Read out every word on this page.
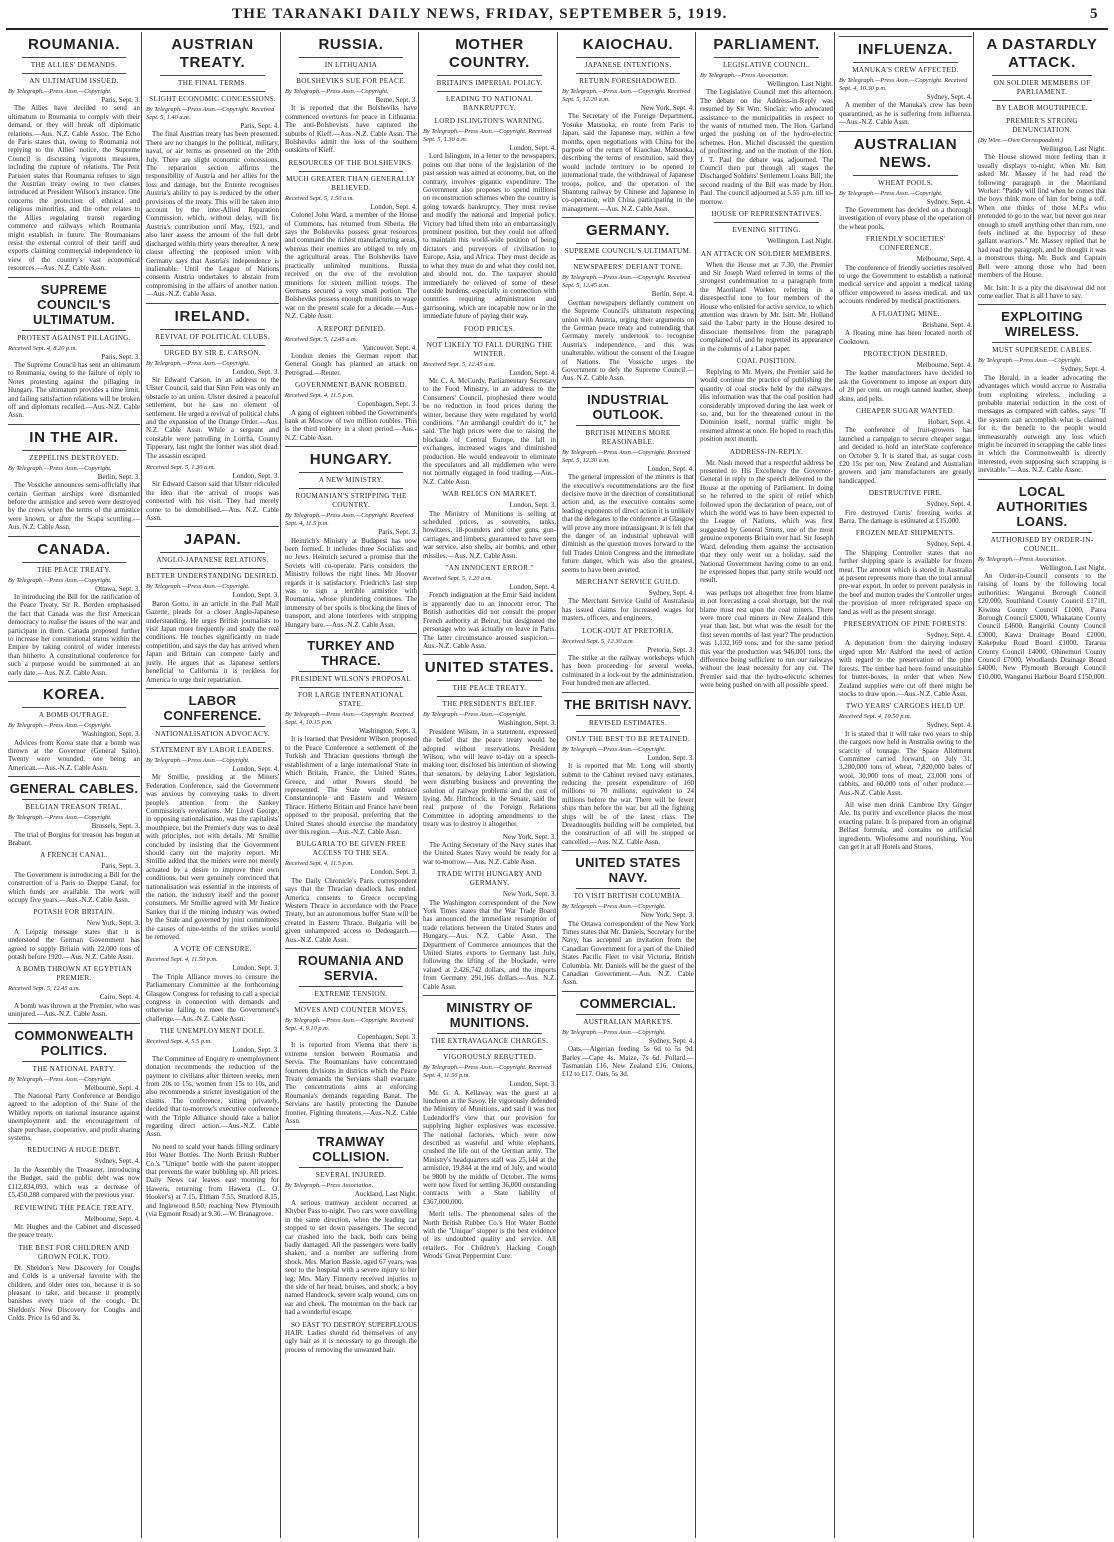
THE TARANAKI DAILY NEWS, FRIDAY, SEPTEMBER 5, 1919.	5
ROUMANIA.
THE ALLIES' DEMANDS.
AN ULTIMATUM ISSUED.
By Telegraph.—Press Assn.—Copyright.
Paris, Sept. 3.

The Allies have decided to send an ultimatum to Roumania to comply with their demand, or they will break off diplomatic relations.—Aus. N.Z. Cable Assoc. The Echo de Paris states that, owing to Roumania not replying to the Allies' notice, the Supreme Council is discussing vigorous measures, including the rupture of relations. The Petit Parisien states that Roumania refuses to sign the Austrian treaty owing to two clauses introduced at President Wilson's instance. One concerns the protection of ethnical and religious minorities, and the other relates to the Allies regulating transit regarding commerce and railways which Roumania might establish in future. The Roumanians resist the external control of their tariff and exports claiming commercial independence in view of the country's vast economical resources.—Aus. N.Z. Cable Assn.

SUPREME COUNCIL'S ULTIMATUM.
PROTEST AGAINST PILLAGING.
Received Sept. 4, 8.20 p.m.
Paris, Sept. 3.

The Supreme Council has sent an ultimatum to Roumania, owing to the failure of reply to Notes protesting against the pillaging in Hungary. The ultimatum provides a time limit, and failing satisfaction relations will be broken off and diplomats recalled.—Aus.-N.Z. Cable Assn.

IN THE AIR.
ZEPPELINS DESTROYED.
By Telegraph.—Press Assn.—Copyright.
Berlin, Sept. 3.

The Vossiche announces semi-officially that certain German airships were dismantled before the armistice and seven were destroyed by the crews when the terms of the armistice were known, or after the Scapa scuttling.—Aus. N.Z. Cable Assn.

CANADA.
THE PEACE TREATY.
By Telegraph.—Press Assn.—Copyright.
Ottawa, Sept. 3.

In introducing the Bill for the ratification of the Peace Treaty, Sir R. Borden emphasised the fact that Canada was the first American democracy to realise the issues of the war and participate in them. Canada proposed further to increase her constitutional status within the Empire by taking control of wider interests than hitherto. A constitutional conference for such a purpose would be summoned at an early date.—Aus. N.Z. Cable Assn.

KOREA.
A BOMB OUTRAGE.
By Telegraph.—Press Assn.—Copyright.
Washington, Sept. 3.

Advices from Korea state that a bomb was thrown at the Governor (General Saito). Twenty were wounded, one being an American.—Aus.-N.Z. Cable Assn.

GENERAL CABLES.
BELGIAN TREASON TRIAL.
By Telegraph.—Press Assn.—Copyright.
Brussels, Sept. 3.

The trial of Borgius for treason has begun at Brabant.

A FRENCH CANAL.
Paris, Sept. 3.

The Government is introducing a Bill for the construction of a Paris to Dieppe Canal, for which funds are available. The work will occupy five years.—Aus.-N.Z. Cable Assn.

POTASH FOR BRITAIN.
New York, Sept. 3.

A Leipzig message states that it is understood the German Government has agreed to supply Britain with 22,000 tons of potash before 1920.—Aus. N.Z. Cable Assn.

A BOMB THROWN AT EGYPTIAN PREMIER.
Received Sept. 5, 12.45 a.m.
Cairo, Sept. 4.

A bomb was thrown at the Premier, who was uninjured.—Aus.-N.Z. Cable Assn.

COMMONWEALTH POLITICS.
THE NATIONAL PARTY.
By Telegraph.—Press Assn.—Copyright.
Melbourne, Sept. 4.

The National Party Conference at Bendigo agreed to the adoption of the State of the Whitley reports on national insurance against unemployment and the encouragement of share purchase, cooperative, and profit sharing systems.

REDUCING A HUGE DEBT.
Sydney, Sept. 4.

In the Assembly the Treasurer, introducing the Budget, said the public debt was now £112,834,093, which was a decrease of £5,450,288 compared with the previous year.

REVIEWING THE PEACE TREATY.
Melbourne, Sept. 4.

Mr. Hughes and the Cabinet and discussed the peace treaty.

THE BEST FOR CHILDREN AND GROWN FOLK, TOO.

Dr. Sheldon's New Discovery for Coughs and Colds is a universal favorite with the children, and older ones too, because it is so pleasant to take, and because it promptly banishes every trace of the cough. Dr. Sheldon's New Discovery for Coughs and Colds. Price 1s 6d and 3s.

AUSTRIAN TREATY.
THE FINAL TERMS.
SLIGHT ECONOMIC CONCESSIONS.
By Telegraph.—Press Assn.—Copyright. Received Sept. 5, 1.40 a.m.
Paris, Sept. 4.

The final Austrian treaty has been presented. There are no changes in the political, military, naval, or air terms as presented on the 20th July. There are slight economic concessions. The reparation section affirms the responsibility of Austria and her allies for the loss and damage, but the Entente recognises Austria's ability to pay is reduced by the other provisions of the treaty. This will be taken into account by the inter-Allied Reparation Commission, which, without delay, will fix Austria's contribution until May, 1921, and also later assess the amount of the full debt discharged within thirty years thereafter. A new clause affecting the proposed union with Germany says that Austria's independence is inalienable. Until the League of Nations consents Austria undertakes to abstain from compromising in the affairs of another nation.—Aus.-N.Z. Cable Assn.

IRELAND.
REVIVAL OF POLITICAL CLUBS.
URGED BY SIR E. CARSON.
By Telegraph.—Press Assn.—Copyright.
London, Sept. 3.

Sir Edward Carson, in an address to the Ulster Council, said that Sinn Fein was only an obstacle to an union. Ulster desired a peaceful settlement, but he saw no element of settlement. He urged a revival of political clubs and the expansion of the Orange Order.—Aus. N.Z. Cable Assn. While a sergeant and constable were patrolling in Lorrha, County Tipperary, last night the former was shot dead. The assassin escaped.

Received Sept. 5, 1.30 a.m.
London, Sept. 3.

Sir Edward Carson said that Ulster ridiculed the idea that the arrival of troops was connected with his visit. They had merely come to be demobilised.—Aus. N.Z. Cable Assn.

JAPAN.
ANGLO-JAPANESE RELATIONS.
BETTER UNDERSTANDING DESIRED.
By Telegraph.—Press Assn.—Copyright.
London, Sept. 3.

Baron Gotto, in an article in the Pall Mall Gazette, pleads for a closer Anglo-Japanese understanding. He urges British journalists to visit Japan more frequently and study the real conditions. He touches significantly on trade competition, and says the day has arrived when Japan and Britain can compete fairly and justly. He argues that as Japanese settlers beneficial to California it is reckless for America to urge their repatriation.

LABOR CONFERENCE.
NATIONALISATION ADVOCACY.
STATEMENT BY LABOR LEADERS.
By Telegraph.—Press Assn.—Copyright.
London, Sept. 4.

Mr Smillie, presiding at the Miners' Federation Conference, said the Government was anxious by conveying tasks to divert people's attention from the Sankey Commission's revelations. Mr Lloyd George, in opposing nationalisation, was the capitalists' mouthpiece, but the Premier's duty was to deal with principles, not with details. Mr Smillie concluded by insisting that the Government should carry out the majority report. Mr Smillie added that the miners were not merely actuated by a desire to improve their own conditions, but were genuinely convinced that nationalisation was essential in the interests of the nation, the industry itself and the poorer consumers. Mr Smillie agreed with Mr Justice Sankey that if the mining industry was owned by the State and governed by joint committees the causes of nine-tenths of the strikes would be removed.

A VOTE OF CENSURE.
Received Sept. 4, 11.50 p.m.
London, Sept. 3.

The Triple Alliance moves to censure the Parliamentary Committee at the forthcoming Glasgow Congress for refusing to call a special congress in connection with demands and otherwise failing to meet the Government's challenge.—Aus.-N.Z. Cable Assn.

THE UNEMPLOYMENT DOLE.
Received Sept. 4, 5.5 p.m.
London, Sept. 3.

The Committee of Enquiry re unemployment donation recommends the reduction of the payment to civilians after thirteen weeks, men from 20s to 15s, women from 15s to 10s, and also recommends a stricter investigation of the claims. The conference, sitting privately, decided that to-morrow's executive conference with the Triple Alliance should take a ballot regarding direct action.—Aus.-N.Z. Cable Assn.

No need to scald your hands filling ordinary Hot Water Bottles. The North British Rubber Co.'s "Unique" bottle with the patent stopper that prevents the water bubbling up. All prices. Daily News car leaves east morning for Hawera, returning from Hawera (L. O. Hooker's) at 7.15, Eltham 7.55, Stratford 8.15, and Inglewood 8.50, reaching New Plymouth (via Egmont Road) at 9.30.—W. Branagrove.

RUSSIA.
IN LITHUANIA
BOLSHEVIKS SUE FOR PEACE.
By Telegraph.—Press Assn.—Copyright.
Berne, Sept. 3.

It is reported that the Bolsheviks have commenced overtures for peace in Lithuania. The anti-Bolshevists have captured the suburbs of Kieff.—Aus.-N.Z. Cable Assn. The Bolsheviks admit the loss of the southern outskirts of Kieff.

RESOURCES OF THE BOLSHEVIKS.
MUCH GREATER THAN GENERALLY BELIEVED.
Received Sept. 5, 1.50 a.m.
London, Sept. 4.

Colonel John Ward, a member of the House of Commons, has returned from Siberia. He says the Bolsheviks possess great resources and command the richest manufacturing areas, whereas their enemies are obliged to rely on the agricultural areas. The Bolsheviks have practically unlimited munitions. Russia received on the eve of the revolution munitions for sixteen million troops. The Germans secured a very small portion. The Bolsheviks possess enough munitions to wage war on the present scale for a decade.—Aus.-N.Z. Cable Assn.

A REPORT DENIED.
Received Sept. 5, 12.45 a.m.
Vancouver, Sept. 4.

London denies the German report that General Gough has planned an attack on Petrograd.—Reuter.

GOVERNMENT BANK ROBBED.
Received Sept. 4, 11.5 p.m.
Copenhagen, Sept. 3.

A gang of eighteen robbed the Government's bank at Moscow of two million roubles. This is the third robbery in a short period.—Aus.-N.Z. Cable Assn.

HUNGARY.
A NEW MINISTRY.
ROUMANIAN'S STRIPPING THE COUNTRY.
By Telegraph.—Press Assn.—Copyright. Received Sept. 4, 11.5 p.m.
Paris, Sept. 3.

Heinrich's Ministry at Budapest has now been formed. It includes three Socialists and no Jews. Heinrich secured a promise that the Soviets will co-operate. Paris considers the Ministry follows the right lines. Mr Hoover regards it is satisfactory. Friedrich's last step was to sign a terrible armistice with Roumania, whose plundering continues. The immensity of her spoils is blocking the lines of transport, and alone interferes with stripping Hungary bare.—Aus.-N.Z. Cable Assn.

TURKEY AND THRACE.
PRESIDENT WILSON'S PROPOSAL
FOR LARGE INTERNATIONAL STATE.
By Telegraph.—Press Assn.—Copyright. Received Sept. 4, 10.15 p.m.
Washington, Sept. 3.

It is learned that President Wilson proposed to the Peace Conference a settlement of the Turkish and Thracian questions through the establishment of a large international State in which Britain, France, the United States, Greece, and other Powers should be represented. The State would embrace Constantinople and Eastern and Western Thrace. Hitherto Britain and France have been opposed to the proposal, preferring that the United States should exercise the mandatory over this region.—Aus.-N.Z. Cable Assn.

BULGARIA TO BE GIVEN FREE ACCESS TO THE SEA.
Received Sept. 4, 11.5 p.m.
London, Sept. 3.

The Daily Chronicle's Paris correspondent says that the Thracian deadlock has ended. America consents to Greece occupying Western Thrace in accordance with the Peace Treaty, but an autonomous buffer State will be created in Eastern Thrace. Bulgaria will be given unhampered access to Dedeagatch.—Aus.-N.Z. Cable Assn.

ROUMANIA AND SERVIA.
EXTREME TENSION.
MOVES AND COUNTER MOVES.
By Telegraph.—Press Assn.—Copyright. Received Sept. 4, 9.10 p.m.
Copenhagen, Sept. 3.

It is reported from Vienna that there is extreme tension between Roumania and Servia. The Roumanians have concentrated fourteen divisions in districts which the Peace Treaty demands the Servians shall evacuate. The concentrations aims at enforcing Roumania's demands regarding Banat. The Servians are hastily protecting the Danube frontier. Fighting threatens.—Aus.-N.Z. Cable Assn.

TRAMWAY COLLISION.
SEVERAL INJURED.
By Telegraph.—Press Association.
Auckland, Last Night.

A serious tramway accident occurred at Khyber Pass to-night. Two cars were travelling in the same direction, when the leading car stopped to set down passengers. The second car crashed into the back, both cars being badly damaged. All the passengers were badly shaken, and a number are suffering from shock. Mrs. Marion Bassie, aged 67 years, was sent to the hospital with a severe injury to her leg; Mrs. Mary Finnerty received injuries to the side of her head, bruises, and shock; a boy named Handcock, severe scalp wound, cuts on ear and cheek. The motorman on the back car had a wonderful escape.

SO EAST TO DESTROY SUPERFLUOUS HAIR. Ladies should rid themselves of any ugly hair as it is necessary to go through the process of removing the unwanted hair.

MOTHER COUNTRY.
BRITAIN'S IMPERIAL POLICY.
LEADING TO NATIONAL BANKRUPTCY.
LORD ISLINGTON'S WARNING.
By Telegraph.—Press Assn.—Copyright. Received Sept. 5, 1.30 a.m.
London, Sept. 4.

Lord Islington, in a letter to the newspapers, points out that none of the legislation of the past session was aimed at economy, but, on the contrary, involves gigantic expenditure. The Government also proposes to spend millions on reconstruction schemes when the country is going towards bankruptcy. They must revise and modify the national and Imperial policy. Victory had lifted them into an embarrassingly prominent position, but they could not afford to maintain this world-wide position of being dictators and purveyors of civilisation to Europe, Asia, and Africa. They must decide as to what they must do and what they could not, and should not, do. The taxpayer should immediately be relieved of some of these outside burdens, especially in connection with countries requiring administration and garrisoning, which are incapable now or in the immediate future of paying their way.

FOOD PRICES.
NOT LIKELY TO FALL DURING THE WINTER.
Received Sept. 5, 12.45 a.m.
London, Sept. 4.

Mr. C. A. McCurdy, Parliamentary Secretary to the Food Ministry, in an address to the Consumers' Council, prophesied there would be no reduction in food prices during the winter, because they were regulated by world conditions. "An armhangil couldn't do it," he said. The high prices were due to raising the blockade of Central Europe, the fall in exchanges, increased wages and diminished production. He would endeavour to eliminate the speculators and all middlemen who were not normally engaged in food trading.—Aus.-N.Z. Cable Assn.

WAR RELICS ON MARKET.
London, Sept. 3.

The Ministry of Munitions is selling at scheduled prices, as souvenirs, tanks, howitzers, 18-pounders and other guns, gun-carriages, and limbers, guaranteed to have seen war service, also shells, air bombs, and other missiles.—Aus. N.Z. Cable Assn.

"AN INNOCENT ERROR."
Received Sept. 5, 1.20 a.m.
London, Sept. 4.

French indignation at the Emir Said incident is apparently due to an innocent error. The British authorities did not consult the proper French authority at Beirut, but designated the personage who was actually on leave in Paris. The latter circumstance aroused suspicion.—Aus.-N.Z. Cable Assn.

UNITED STATES.
THE PEACE TREATY.
THE PRESIDENT'S BELIEF.
By Telegraph.—Press Assn.—Copyright.
Washington, Sept. 3.

President Wilson, in a statement, expressed the belief that the peace treaty would be adopted without reservations. President Wilson, who will leave to-day on a speech-making tour, disclosed his intention of showing that senators, by delaying Labor legislation, were disturbing business and preventing the solution of railway problems and the cost of living. Mr. Hitchcock, in the Senate, said the real purpose of the Foreign Relations Committee in adopting amendments to the treaty was to destroy it altogether.

New York, Sept. 3.

The Acting Secretary of the Navy states that the United States Navy would be ready for a war to-morrow.—Aus. N.Z. Cable Assn.

TRADE WITH HUNGARY AND GERMANY.
New York, Sept. 3.

The Washington correspondent of the New York Times states that the War Trade Board has announced the immediate resumption of trade relations between the United States and Hungary.—Aus. N.Z. Cable Assn. The Department of Commerce announces that the United States exports to Germany last July, following the lifting of the blockade, were valued at 2,426,742 dollars, and the imports from Germany 291,166 dollars.—Aus. N.Z. Cable Assn.

MINISTRY OF MUNITIONS.
THE EXTRAVAGANCE CHARGES.
VIGOROUSLY REBUTTED.
By Telegraph.—Press Assn.—Copyright. Received Sept. 4, 11.50 p.m.
London, Sept. 3.

Mr. G. A. Kellaway was the guest at a luncheon at the Savoy. He vigorously defended the Ministry of Munitions, and said it was not Ludendorff's view that our provision for supplying higher explosives was excessive. The national factories, which were now described as wasteful and white elephants, crushed the life out of the German army. The Ministry's headquarters staff was 25,144 at the armistice, 19,844 at the end of July, and would be 9800 by the middle of October. The terms were now fixed for settling 36,000 outstanding contracts with a State liability of £367,000,000.

Merit tells. The phenomenal sales of the North British Rubber Co.'s Hot Water Bottle with the "Unique" stopper is the best evidence of its undoubted quality and service. All retailers. For Children's Hacking Cough Woods' Great Peppermint Cure.

KAIOCHAU.
JAPANESE INTENTIONS.
RETURN FORESHADOWED.
By Telegraph.—Press Assn.—Copyright. Received Sept. 5, 12.20 a.m.
New York, Sept. 4.

The Secretary of the Foreign Department, Yosuke Matsuoka, en route from Paris to Japan, said the Japanese may, within a few months, open negotiations with China for the purpose of the return of Kiaochau. Matsuoka, describing the terms of restitution, said they would include territory to be opened to international trade, the withdrawal of Japanese troops, police, and the operation of the Shantung railway by Chinese and Japanese in co-operation, with China participating in the management.—Aus. N.Z. Cable Assn.

GERMANY.
SUPREME COUNCIL'S ULTIMATUM.
NEWSPAPERS' DEFIANT TONE.
By Telegraph.—Press Assn.—Copyright. Received Sept. 5, 12.45 a.m.
Berlin, Sept. 4.

German newspapers defiantly comment on the Supreme Council's ultimatum respecting union with Austria, urging their arguments on the German peace treaty and contending that Germany merely undertook to recognise Austria's independence, and this was unalterable, without the consent of the League of Nations. The Vossiche urges the Government to defy the Supreme Council.—Aus. N.Z. Cable Assn.

INDUSTRIAL OUTLOOK.
BRITISH MINERS MORE REASONABLE.
By Telegraph.—Press Assn.—Copyright. Received Sept. 5, 12.30 a.m.
London, Sept. 4.

The general impression of the miners is that the executive's recommendations are the first decisive move in the direction of constitutional action and, as the executive contains some leading exponents of direct action it is unlikely that the delegates to the conference at Glasgow will prove any more intransigeant. It is felt that the danger of an industrial upheaval will diminish as the question moves forward to the full Trades Union Congress and the immediate future danger, which was also the greatest, seems to have been averted.

MERCHANT SERVICE GUILD.
Sydney, Sept. 4.

The Merchant Service Guild of Australasia has issued claims for increased wages for masters, officers, and engineers.

LOCK-OUT AT PRETORIA.
Received Sept. 5, 12.30 a.m.
Pretoria, Sept. 3.

The strike at the railway workshops which has been proceeding for several weeks, culminated in a lock-out by the administration. Four hundred men are affected.

THE BRITISH NAVY.
REVISED ESTIMATES.
ONLY THE BEST TO BE RETAINED.
By Telegraph.—Press Assn.—Copyright.
London, Sept. 3.

It is reported that Mr. Long will shortly submit to the Cabinet revised navy estimates, reducing the present expenditure of 160 millions to 70 millions, equivalent to 24 millions before the war. There will be fewer ships than before the war, but all the fighting ships will be of the latest class. The Dreadnoughts building will be completed, but the construction of all will be stopped or cancelled.—Aus. N.Z. Cable Assn.

UNITED STATES NAVY.
TO VISIT BRITISH COLUMBIA.
By Telegraph.—Press Assn.—Copyright.
New York, Sept. 3.

The Ottawa correspondent of the New York Times states that Mr. Daniels, Secretary for the Navy, has accepted an invitation from the Canadian Government for a part of the United States Pacific Fleet to visit Victoria, British Columbia. Mr. Daniels will be the guest of the Canadian Government.—Aus. N.Z. Cable Assn.

COMMERCIAL.
AUSTRALIAN MARKETS.
By Telegraph.—Press Assn.—Copyright.
Sydney, Sept. 4.

Oats.—Algerian feeding 5s 6d to 5s 9d. Barley.—Cape 4s. Maize, 7s 6d. Pollard.—Tasmanian £16, New Zealand £16. Onions, £12 to £17. Oats, 5s 3d.

PARLIAMENT.
LEGISLATIVE COUNCIL.
By Telegraph.—Press Association.
Wellington, Last Night.

The Legislative Council met this afternoon. The debate on the Address-in-Reply was resumed by Sir Wm. Sinclair, who advocated assistance to the municipalities in respect to the wants of returned men. The Hon. Garland urged the pushing on of the hydro-electric schemes. Hon. Michel discussed the question of profiteering, and on the motion of the Hon. J. T. Paul the debate was adjourned. The Council then put through all stages the Discharged Soldiers' Settlement Loans Bill; the second reading of the Bill was made by Hon. Paul. The council adjourned at 5.55 p.m. till to-morrow.

HOUSE OF REPRESENTATIVES.
EVENING SITTING.
Wellington, Last Night.
AN ATTACK ON SOLDIER MEMBERS.

When the House met at 7.30, the Premier and Sir Joseph Ward referred in terms of the strongest condemnation to a paragraph from the Maoriland Worker, referring in a disrespectful tone to four members of the House who enlisted for active service, to which attention was drawn by Mr. Isitt. Mr. Holland said the Labor party in the House desired to dissociate themselves from the paragraph complained of, and he regretted its appearance in the columns of a Labor paper.

COAL POSITION.

Replying to Mr. Myers, the Premier said he would continue the practice of publishing the quantity of coal stocks held by the railways. His information was that the coal position had considerably improved during the last week or so, and, but for the threatened cutout in the Dominion itself, normal traffic might be resumed almost at once. He hoped to reach this position next month.

ADDRESS-IN-REPLY.

Mr. Nash moved that a respectful address be presented to His Excellency the Governor-General in reply to the speech delivered to the House at the opening of Parliament. In doing so he referred to the spirit of relief which followed upon the declaration of peace, out of which the world was to have been expected to the League of Nations, which was first suggested by General Smuts, one of the most genuine exponents Britain ever had. Sir Joseph Ward, defending them against the accusation that they only went on a holiday, said the National Government having come to an end, he expressed hopes that party strife would not result.

was perhaps not altogether free from blame in not forecasting a coal shortage, but the real blame must rest upon the coal miners. There were more coal miners in New Zealand this year than last, but what was the result for the first seven months of last year? The production was 1,132,169 tons, and for the same period this year the production was 946,001 tons, the difference being sufficient to run our railways without the least necessity for any cut. The Premier said that the hydro-electric schemes were being pushed on with all possible speed.

INFLUENZA.
MANUKA'S CREW AFFECTED.
By Telegraph.—Press Assn.—Copyright. Received Sept. 4, 10.30 p.m.
Sydney, Sept. 4.

A member of the Manuka's crew has been quarantined, as he is suffering from influenza.—Aus.-N.Z. Cable Assn.

AUSTRALIAN NEWS.
WHEAT POOLS.
By Telegraph.—Press Assn.—Copyright.
Sydney, Sept. 4.

The Government has decided on a thorough investigation of every phase of the operation of the wheat pools.

FRIENDLY SOCIETIES' CONFERENCE.
Melbourne, Sept. 4.

The conference of friendly societies resolved to urge the Government to establish a national medical service and appoint a medical taxing officer empowered to assess medical, and tax accounts rendered by medical practitioners.

A FLOATING MINE.
Brisbane, Sept. 4.

A floating mine has been located north of Cooktown.

PROTECTION DESIRED.
Melbourne, Sept. 4.

The leather manufacturers have decided to ask the Government to impose an export duty of 20 per cent. on rough tanned leather, sheep skins, and pelts.

CHEAPER SUGAR WANTED.
Hobart, Sept. 4.

The conference of fruit-growers has launched a campaign to secure cheaper sugar, and decided to hold an interState conference on October 9. It is stated that, as sugar costs £20 15s per ton, New Zealand and Australian growers and jam manufacturers are greatly handicapped.

DESTRUCTIVE FIRE.
Sydney, Sept. 4.

Fire destroyed Curtis' freezing works at Barra. The damage is estimated at £15,000.

FROZEN MEAT SHIPMENTS.
Sydney, Sept. 4.

The Shipping Controller states that no further shipping space is available for frozen meat. The amount which is stored in Australia at present represents more than the total annual pre-war export. In order to prevent paralysis in the beef and mutton trades the Controller urges the provision of more refrigerated space on land as well as the present storage.

PRESERVATION OF PINE FORESTS.
Sydney, Sept. 4.

A deputation from the dairying industry urged upon Mr. Ashford the need of action with regard to the preservation of the pine forests. The timber had been found unsuitable for butter-boxes, in order that when New Zealand supplies were cut off there might be stocks to draw upon.—Aus.-N.Z. Cable Assn.

TWO YEARS' CARGOES HELD UP.
Received Sept. 4, 10.50 p.m.
Sydney, Sept. 4.

It is stated that it will take two years to ship the cargoes now held in Australia owing to the scarcity of tonnage. The Space Allotment Committee carried forward, on July 31, 3,280,000 tons of wheat, 7,820,000 bales of wool, 30,000 tons of meat, 23,000 tons of rabbits, and 60,000 tons of other produce.—Aus.-N.Z. Cable Assn.

All wise men drink Cambroe Dry Ginger Ale. Its purity and excellence places the most exacting palate. It is prepared from an original Belfast formula, and contains no artificial ingredients. Wholesome and nourishing. You can get it at all Hotels and Stores.

A DASTARDLY ATTACK.
ON SOLDIER MEMBERS OF PARLIAMENT.
BY LABOR MOUTHPIECE.
PREMIER'S STRONG DENUNCIATION.
(By Wire.—Own Correspondent.)
Wellington, Last Night.

The House showed more feeling than it usually displays to-night, when Mr. Isitt asked Mr. Massey if he had read the following paragraph in the Maoriland Worker: "Paddy will find when he comes that the boys think more of him for being a toff. When one thinks of those M.P.s who pretended to go to the war, but never got near enough to smell anything other than rum, one feels inclined at the hypocrisy of these gallant warriors." Mr. Massey replied that he had read the paragraph, and he thought it was a monstrous thing. Mr. Buck and Captain Bell were among those who had been members of the House.

Mr. Isitt: It is a pity the disavowal did not come earlier. That is all I have to say.

EXPLOITING WIRELESS.
MUST SUPERSEDE CABLES.
By Telegraph.—Press Assn.—Copyright.
Sydney, Sept. 4.

The Herald, in a leader advocating the advantages which would accrue to Australia from exploiting wireless, including a probable material reduction in the cost of messages as compared with cables, says: "If the system can accomplish what is claimed for it, the benefit to the people would immeasurably outweigh any loss which might be incurred in scrapping the cable lines in which the Commonwealth is directly interested, even supposing such scrapping is inevitable."—Aus. N.Z. Cable Assoc.

LOCAL AUTHORITIES LOANS.
AUTHORISED BY ORDER-IN-COUNCIL.
By Telegraph.—Press Association.
Wellington, Last Night.

An Order-in-Council consents to the raising of loans by the following local authorities: Wanganui Borough Council £20,000, Southland County Council £1710, Kiwitea County Council £1000, Patea Borough Council £3000, Whakatane County Council £4600, Rangiriki County Council £3000, Kawa Drainage Board £2000, Kakepuku Road Board £1000, Tararua County Council £4000, Ohinemuri County Council £7000, Woodlands Drainage Board £4000, New Plymouth Borough Council £10,000, Wanganui Harbour Board £150,000.
